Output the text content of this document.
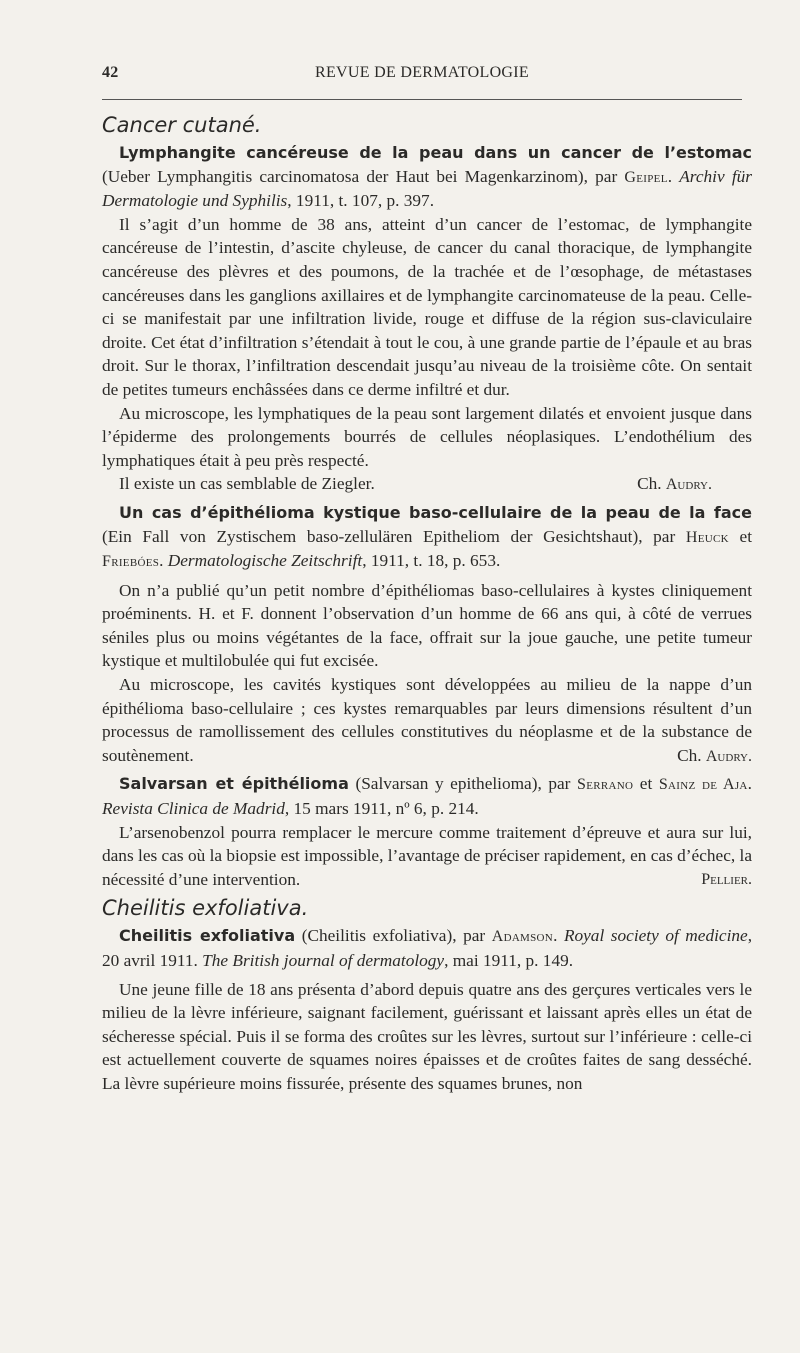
42	REVUE DE DERMATOLOGIE
Cancer cutané.

Lymphangite cancéreuse de la peau dans un cancer de l’estomac (Ueber Lymphangitis carcinomatosa der Haut bei Magenkarzinom), par Geipel. Archiv für Dermatologie und Syphilis, 1911, t. 107, p. 397.

Il s’agit d’un homme de 38 ans, atteint d’un cancer de l’estomac, de lymphangite cancéreuse de l’intestin, d’ascite chyleuse, de cancer du canal thoracique, de lymphangite cancéreuse des plèvres et des poumons, de la trachée et de l’œsophage, de métastases cancéreuses dans les ganglions axillaires et de lymphangite carcinomateuse de la peau. Celle-ci se manifestait par une infiltration livide, rouge et diffuse de la région sus-claviculaire droite. Cet état d’infiltration s’étendait à tout le cou, à une grande partie de l’épaule et au bras droit. Sur le thorax, l’infiltration descendait jusqu’au niveau de la troisième côte. On sentait de petites tumeurs enchâssées dans ce derme infiltré et dur.

Au microscope, les lymphatiques de la peau sont largement dilatés et envoient jusque dans l’épiderme des prolongements bourrés de cellules néoplasiques. L’endothélium des lymphatiques était à peu près respecté.

Il existe un cas semblable de Ziegler.	Ch. Audry.

Un cas d’épithélioma kystique baso-cellulaire de la peau de la face (Ein Fall von Zystischem baso-zellulären Epitheliom der Gesichtshaut), par Heuck et Friebóes. Dermatologische Zeitschrift, 1911, t. 18, p. 653.

On n’a publié qu’un petit nombre d’épithéliomas baso-cellulaires à kystes cliniquement proéminents. H. et F. donnent l’observation d’un homme de 66 ans qui, à côté de verrues séniles plus ou moins végétantes de la face, offrait sur la joue gauche, une petite tumeur kystique et multilobulée qui fut excisée.

Au microscope, les cavités kystiques sont développées au milieu de la nappe d’un épithélioma baso-cellulaire ; ces kystes remarquables par leurs dimensions résultent d’un processus de ramollissement des cellules constitutives du néoplasme et de la substance de soutènement.	Ch. Audry.

Salvarsan et épithélioma (Salvarsan y epithelioma), par Serrano et Sainz de Aja. Revista Clinica de Madrid, 15 mars 1911, nº 6, p. 214.

L’arsenobenzol pourra remplacer le mercure comme traitement d’épreuve et aura sur lui, dans les cas où la biopsie est impossible, l’avantage de préciser rapidement, en cas d’échec, la nécessité d’une intervention.	Pellier.

Cheilitis exfoliativa.

Cheilitis exfoliativa (Cheilitis exfoliativa), par Adamson. Royal society of medicine, 20 avril 1911. The British journal of dermatology, mai 1911, p. 149.

Une jeune fille de 18 ans présenta d’abord depuis quatre ans des gerçures verticales vers le milieu de la lèvre inférieure, saignant facilement, guérissant et laissant après elles un état de sécheresse spécial. Puis il se forma des croûtes sur les lèvres, surtout sur l’inférieure : celle-ci est actuellement couverte de squames noires épaisses et de croûtes faites de sang desséché. La lèvre supérieure moins fissurée, présente des squames brunes, non
